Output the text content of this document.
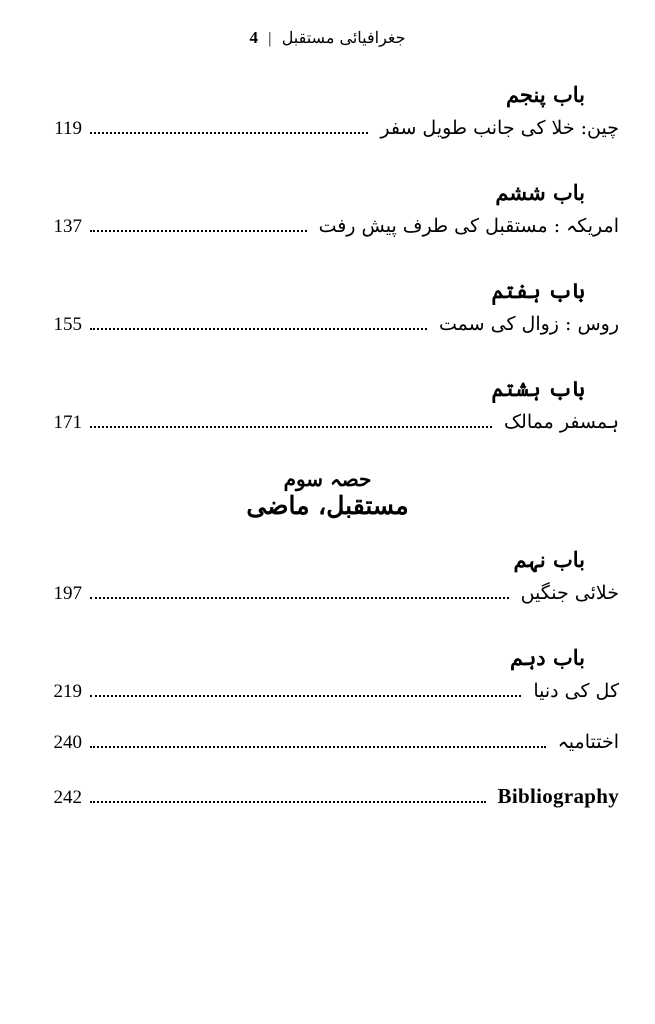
جغرافیائی مستقبل | 4
باب پنجم
119	چین: خلا کی جانب طویل سفر
باب ششم
137	امریکہ : مستقبل کی طرف پیش رفت
باب ہفتم
155	روس : زوال کی سمت
باب ہشتم
171	ہمسفر ممالک
حصہ سوم
مستقبل، ماضی
باب نہم
197	خلائی جنگیں
باب دہم
219	کل کی دنیا
240	اختتامیہ
242	Bibliography
